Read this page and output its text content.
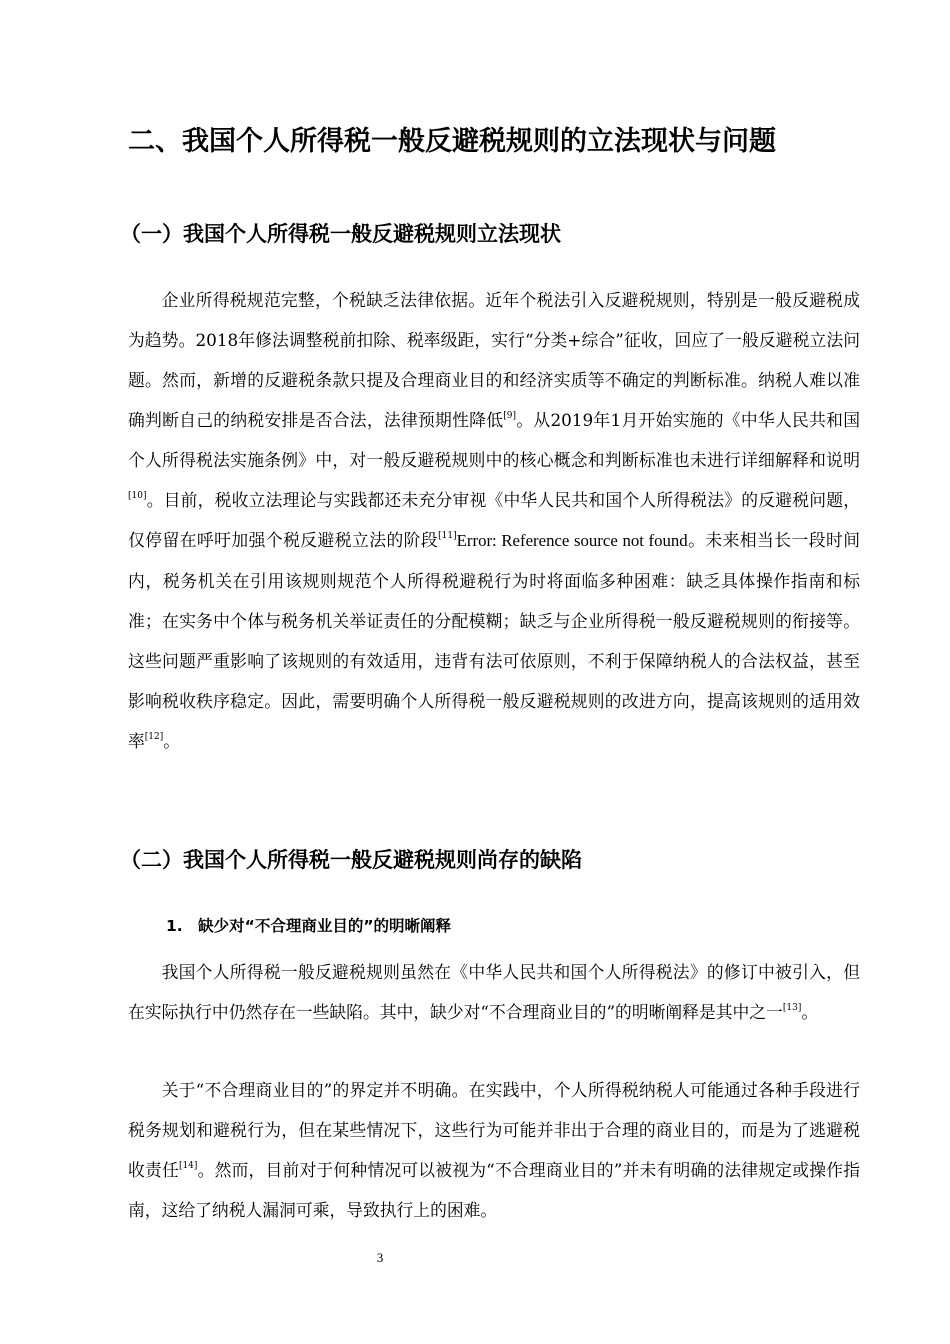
二、我国个人所得税一般反避税规则的立法现状与问题
（一）我国个人所得税一般反避税规则立法现状

企业所得税规范完整，个税缺乏法律依据。近年个税法引入反避税规则，特别是一般反避税成为趋势。2018年修法调整税前扣除、税率级距，实行“分类+综合”征收，回应了一般反避税立法问题。然而，新增的反避税条款只提及合理商业目的和经济实质等不确定的判断标准。纳税人难以准确判断自己的纳税安排是否合法，法律预期性降低[9]。从2019年1月开始实施的《中华人民共和国个人所得税法实施条例》中，对一般反避税规则中的核心概念和判断标准也未进行详细解释和说明[10]。目前，税收立法理论与实践都还未充分审视《中华人民共和国个人所得税法》的反避税问题，仅停留在呼吁加强个税反避税立法的阶段[11]Error: Reference source not found。未来相当长一段时间内，税务机关在引用该规则规范个人所得税避税行为时将面临多种困难：缺乏具体操作指南和标准；在实务中个体与税务机关举证责任的分配模糊；缺乏与企业所得税一般反避税规则的衔接等。这些问题严重影响了该规则的有效适用，违背有法可依原则，不利于保障纳税人的合法权益，甚至影响税收秩序稳定。因此，需要明确个人所得税一般反避税规则的改进方向，提高该规则的适用效率[12]。

（二）我国个人所得税一般反避税规则尚存的缺陷
1.　缺少对“不合理商业目的”的明晰阐释

我国个人所得税一般反避税规则虽然在《中华人民共和国个人所得税法》的修订中被引入，但在实际执行中仍然存在一些缺陷。其中，缺少对“不合理商业目的”的明晰阐释是其中之一[13]。

关于“不合理商业目的”的界定并不明确。在实践中，个人所得税纳税人可能通过各种手段进行税务规划和避税行为，但在某些情况下，这些行为可能并非出于合理的商业目的，而是为了逃避税收责任[14]。然而，目前对于何种情况可以被视为“不合理商业目的”并未有明确的法律规定或操作指南，这给了纳税人漏洞可乘，导致执行上的困难。

3
